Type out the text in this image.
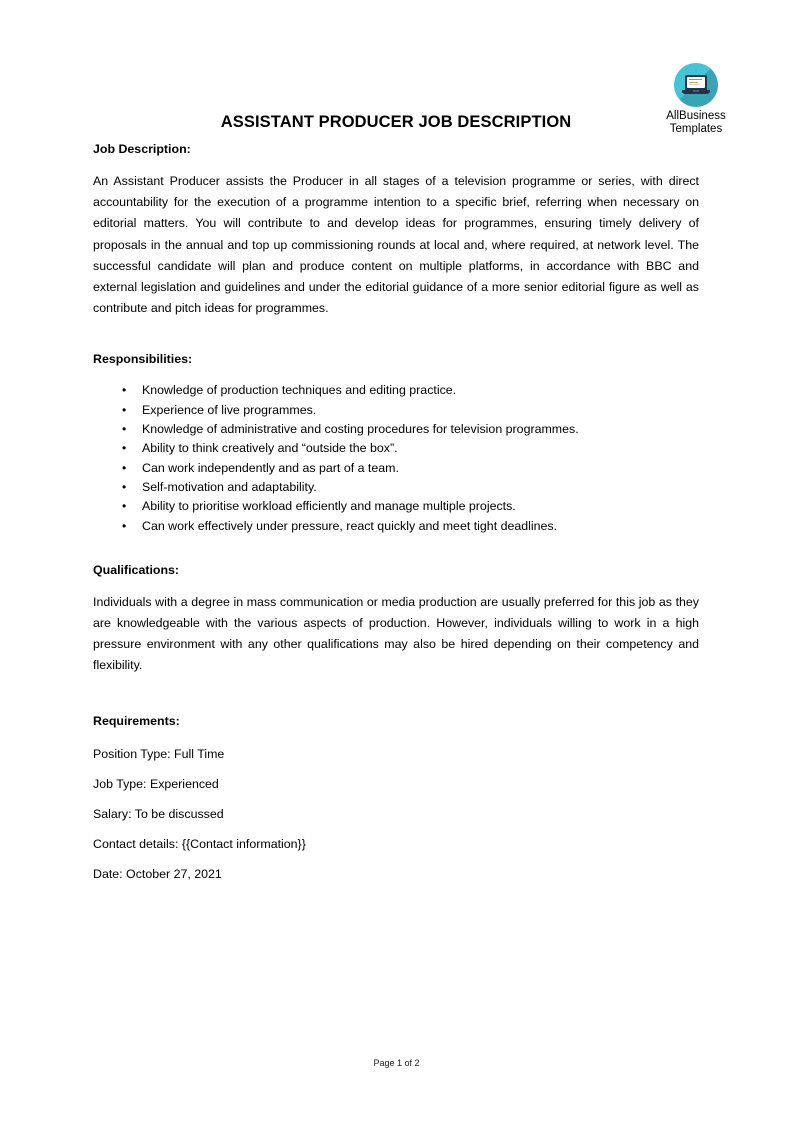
AllBusiness
Templates
ASSISTANT PRODUCER JOB DESCRIPTION
Job Description:
An Assistant Producer assists the Producer in all stages of a television programme or series, with direct accountability for the execution of a programme intention to a specific brief, referring when necessary on editorial matters. You will contribute to and develop ideas for programmes, ensuring timely delivery of proposals in the annual and top up commissioning rounds at local and, where required, at network level. The successful candidate will plan and produce content on multiple platforms, in accordance with BBC and external legislation and guidelines and under the editorial guidance of a more senior editorial figure as well as contribute and pitch ideas for programmes.
Responsibilities:
• Knowledge of production techniques and editing practice.
• Experience of live programmes.
• Knowledge of administrative and costing procedures for television programmes.
• Ability to think creatively and “outside the box”.
• Can work independently and as part of a team.
• Self-motivation and adaptability.
• Ability to prioritise workload efficiently and manage multiple projects.
• Can work effectively under pressure, react quickly and meet tight deadlines.
Qualifications:
Individuals with a degree in mass communication or media production are usually preferred for this job as they are knowledgeable with the various aspects of production. However, individuals willing to work in a high pressure environment with any other qualifications may also be hired depending on their competency and flexibility.
Requirements:
Position Type: Full Time
Job Type: Experienced
Salary: To be discussed
Contact details: {{Contact information}}
Date: October 27, 2021
Page 1 of 2
